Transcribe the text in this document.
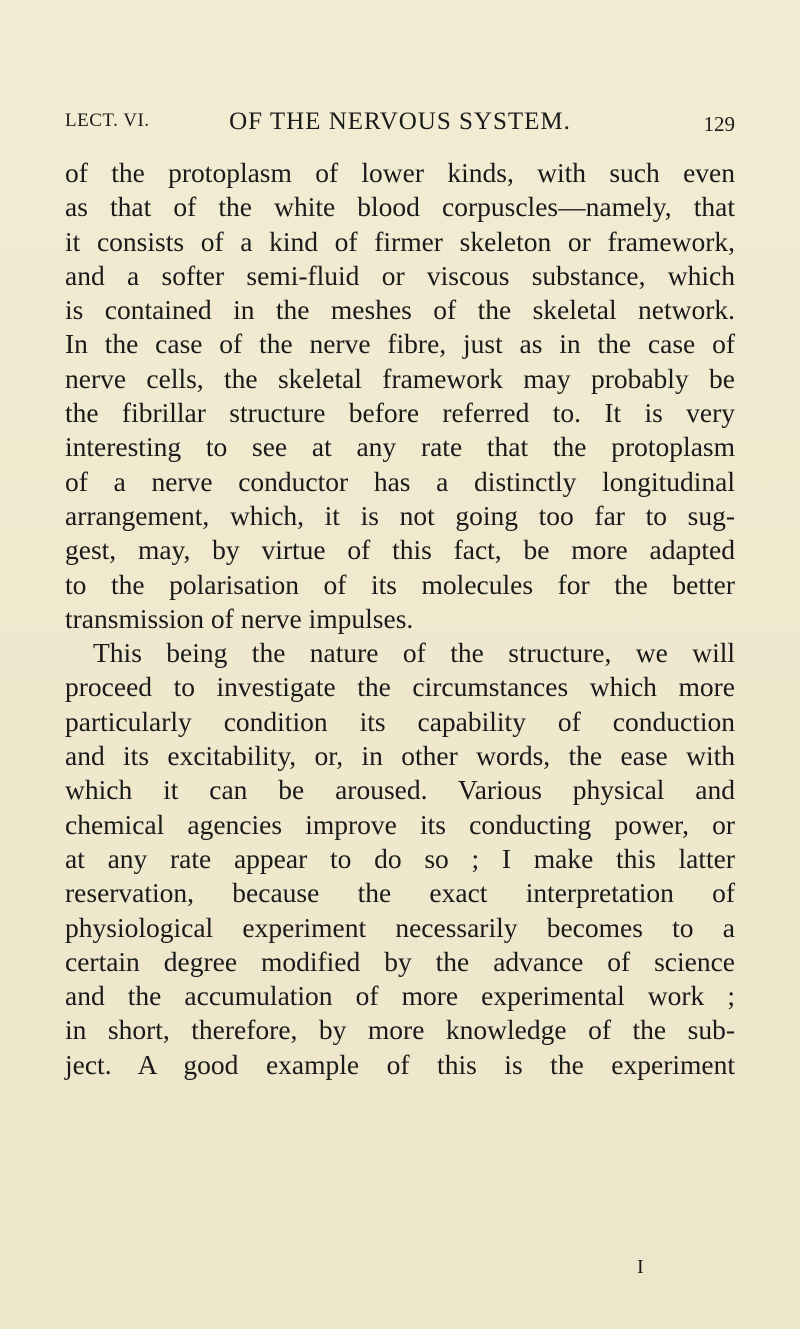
LECT. VI.	OF THE NERVOUS SYSTEM.	129
of the protoplasm of lower kinds, with such even
as that of the white blood corpuscles—namely, that
it consists of a kind of firmer skeleton or framework,
and a softer semi-fluid or viscous substance, which
is contained in the meshes of the skeletal network.
In the case of the nerve fibre, just as in the case of
nerve cells, the skeletal framework may probably be
the fibrillar structure before referred to. It is very
interesting to see at any rate that the protoplasm
of a nerve conductor has a distinctly longitudinal
arrangement, which, it is not going too far to sug-
gest, may, by virtue of this fact, be more adapted
to the polarisation of its molecules for the better
transmission of nerve impulses.
This being the nature of the structure, we will
proceed to investigate the circumstances which more
particularly condition its capability of conduction
and its excitability, or, in other words, the ease with
which it can be aroused. Various physical and
chemical agencies improve its conducting power, or
at any rate appear to do so ; I make this latter
reservation, because the exact interpretation of
physiological experiment necessarily becomes to a
certain degree modified by the advance of science
and the accumulation of more experimental work ;
in short, therefore, by more knowledge of the sub-
ject. A good example of this is the experiment
I
